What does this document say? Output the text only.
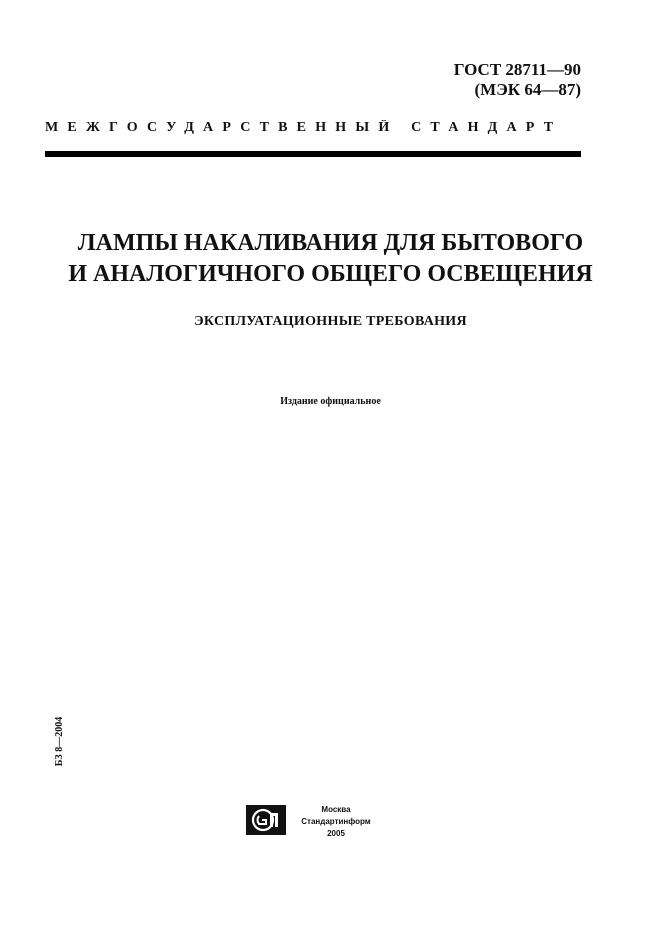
ГОСТ 28711—90
(МЭК 64—87)
МЕЖГОСУДАРСТВЕННЫЙ СТАНДАРТ
ЛАМПЫ НАКАЛИВАНИЯ ДЛЯ БЫТОВОГО
И АНАЛОГИЧНОГО ОБЩЕГО ОСВЕЩЕНИЯ
ЭКСПЛУАТАЦИОННЫЕ ТРЕБОВАНИЯ
Издание официальное
БЗ 8—2004
Москва
Стандартинформ
2005
